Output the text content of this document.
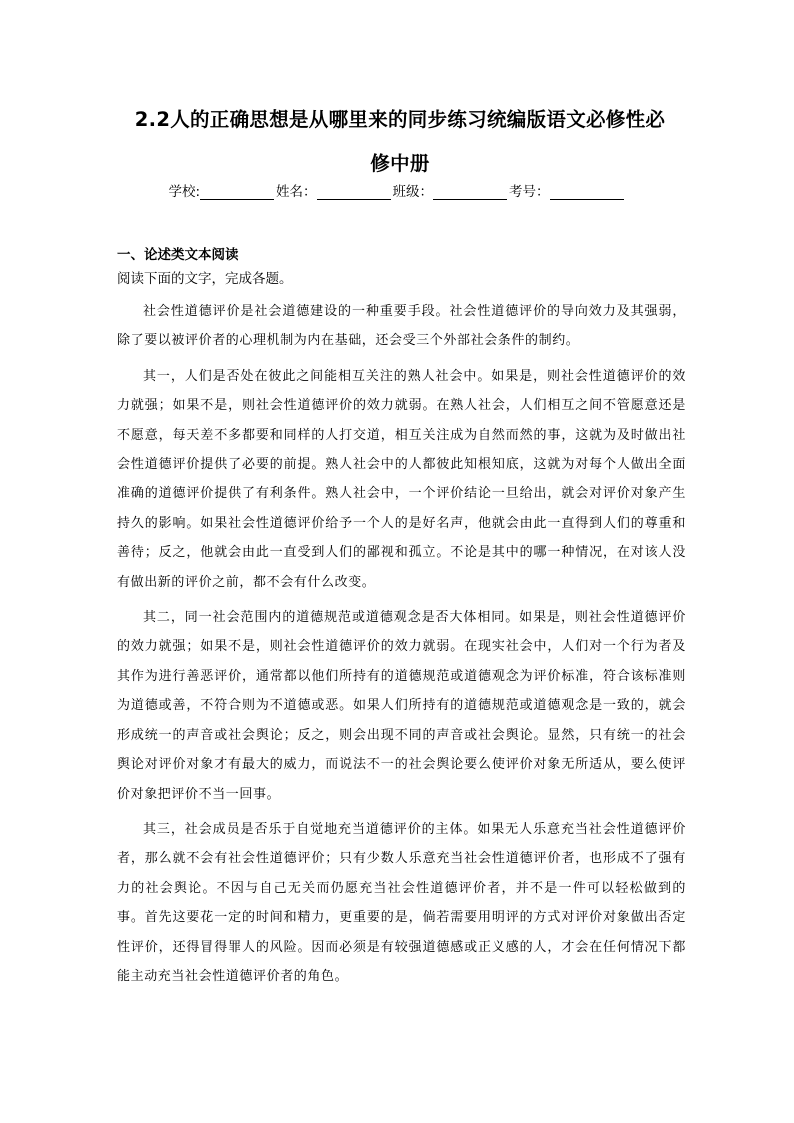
2.2人的正确思想是从哪里来的同步练习统编版语文必修性必
修中册
学校:	姓名：	班级：	考号：
一、论述类文本阅读
阅读下面的文字，完成各题。

社会性道德评价是社会道德建设的一种重要手段。社会性道德评价的导向效力及其强弱，除了要以被评价者的心理机制为内在基础，还会受三个外部社会条件的制约。

其一，人们是否处在彼此之间能相互关注的熟人社会中。如果是，则社会性道德评价的效力就强；如果不是，则社会性道德评价的效力就弱。在熟人社会，人们相互之间不管愿意还是不愿意，每天差不多都要和同样的人打交道，相互关注成为自然而然的事，这就为及时做出社会性道德评价提供了必要的前提。熟人社会中的人都彼此知根知底，这就为对每个人做出全面准确的道德评价提供了有利条件。熟人社会中，一个评价结论一旦给出，就会对评价对象产生持久的影响。如果社会性道德评价给予一个人的是好名声，他就会由此一直得到人们的尊重和善待；反之，他就会由此一直受到人们的鄙视和孤立。不论是其中的哪一种情况，在对该人没有做出新的评价之前，都不会有什么改变。

其二，同一社会范围内的道德规范或道德观念是否大体相同。如果是，则社会性道德评价的效力就强；如果不是，则社会性道德评价的效力就弱。在现实社会中，人们对一个行为者及其作为进行善恶评价，通常都以他们所持有的道德规范或道德观念为评价标准，符合该标准则为道德或善，不符合则为不道德或恶。如果人们所持有的道德规范或道德观念是一致的，就会形成统一的声音或社会舆论；反之，则会出现不同的声音或社会舆论。显然，只有统一的社会舆论对评价对象才有最大的威力，而说法不一的社会舆论要么使评价对象无所适从，要么使评价对象把评价不当一回事。

其三，社会成员是否乐于自觉地充当道德评价的主体。如果无人乐意充当社会性道德评价者，那么就不会有社会性道德评价；只有少数人乐意充当社会性道德评价者，也形成不了强有力的社会舆论。不因与自己无关而仍愿充当社会性道德评价者，并不是一件可以轻松做到的事。首先这要花一定的时间和精力，更重要的是，倘若需要用明评的方式对评价对象做出否定性评价，还得冒得罪人的风险。因而必须是有较强道德感或正义感的人，才会在任何情况下都能主动充当社会性道德评价者的角色。
